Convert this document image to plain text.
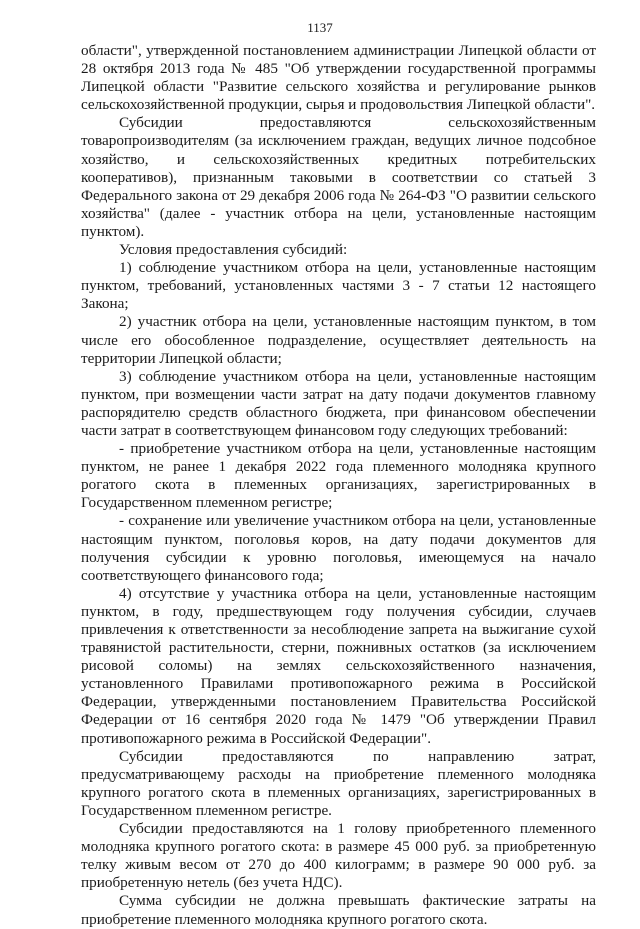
1137

области", утвержденной постановлением администрации Липецкой области от 28 октября 2013 года № 485 "Об утверждении государственной программы Липецкой области "Развитие сельского хозяйства и регулирование рынков сельскохозяйственной продукции, сырья и продовольствия Липецкой области".

Субсидии предоставляются сельскохозяйственным товаропроизводителям (за исключением граждан, ведущих личное подсобное хозяйство, и сельскохозяйственных кредитных потребительских кооперативов), признанным таковыми в соответствии со статьей 3 Федерального закона от 29 декабря 2006 года № 264-ФЗ "О развитии сельского хозяйства" (далее - участник отбора на цели, установленные настоящим пунктом).

Условия предоставления субсидий:

1) соблюдение участником отбора на цели, установленные настоящим пунктом, требований, установленных частями 3 - 7 статьи 12 настоящего Закона;

2) участник отбора на цели, установленные настоящим пунктом, в том числе его обособленное подразделение, осуществляет деятельность на территории Липецкой области;

3) соблюдение участником отбора на цели, установленные настоящим пунктом, при возмещении части затрат на дату подачи документов главному распорядителю средств областного бюджета, при финансовом обеспечении части затрат в соответствующем финансовом году следующих требований:

- приобретение участником отбора на цели, установленные настоящим пунктом, не ранее 1 декабря 2022 года племенного молодняка крупного рогатого скота в племенных организациях, зарегистрированных в Государственном племенном регистре;

- сохранение или увеличение участником отбора на цели, установленные настоящим пунктом, поголовья коров, на дату подачи документов для получения субсидии к уровню поголовья, имеющемуся на начало соответствующего финансового года;

4) отсутствие у участника отбора на цели, установленные настоящим пунктом, в году, предшествующем году получения субсидии, случаев привлечения к ответственности за несоблюдение запрета на выжигание сухой травянистой растительности, стерни, пожнивных остатков (за исключением рисовой соломы) на землях сельскохозяйственного назначения, установленного Правилами противопожарного режима в Российской Федерации, утвержденными постановлением Правительства Российской Федерации от 16 сентября 2020 года № 1479 "Об утверждении Правил противопожарного режима в Российской Федерации".

Субсидии предоставляются по направлению затрат, предусматривающему расходы на приобретение племенного молодняка крупного рогатого скота в племенных организациях, зарегистрированных в Государственном племенном регистре.

Субсидии предоставляются на 1 голову приобретенного племенного молодняка крупного рогатого скота: в размере 45 000 руб. за приобретенную телку живым весом от 270 до 400 килограмм; в размере 90 000 руб. за приобретенную нетель (без учета НДС).

Сумма субсидии не должна превышать фактические затраты на приобретение племенного молодняка крупного рогатого скота.
